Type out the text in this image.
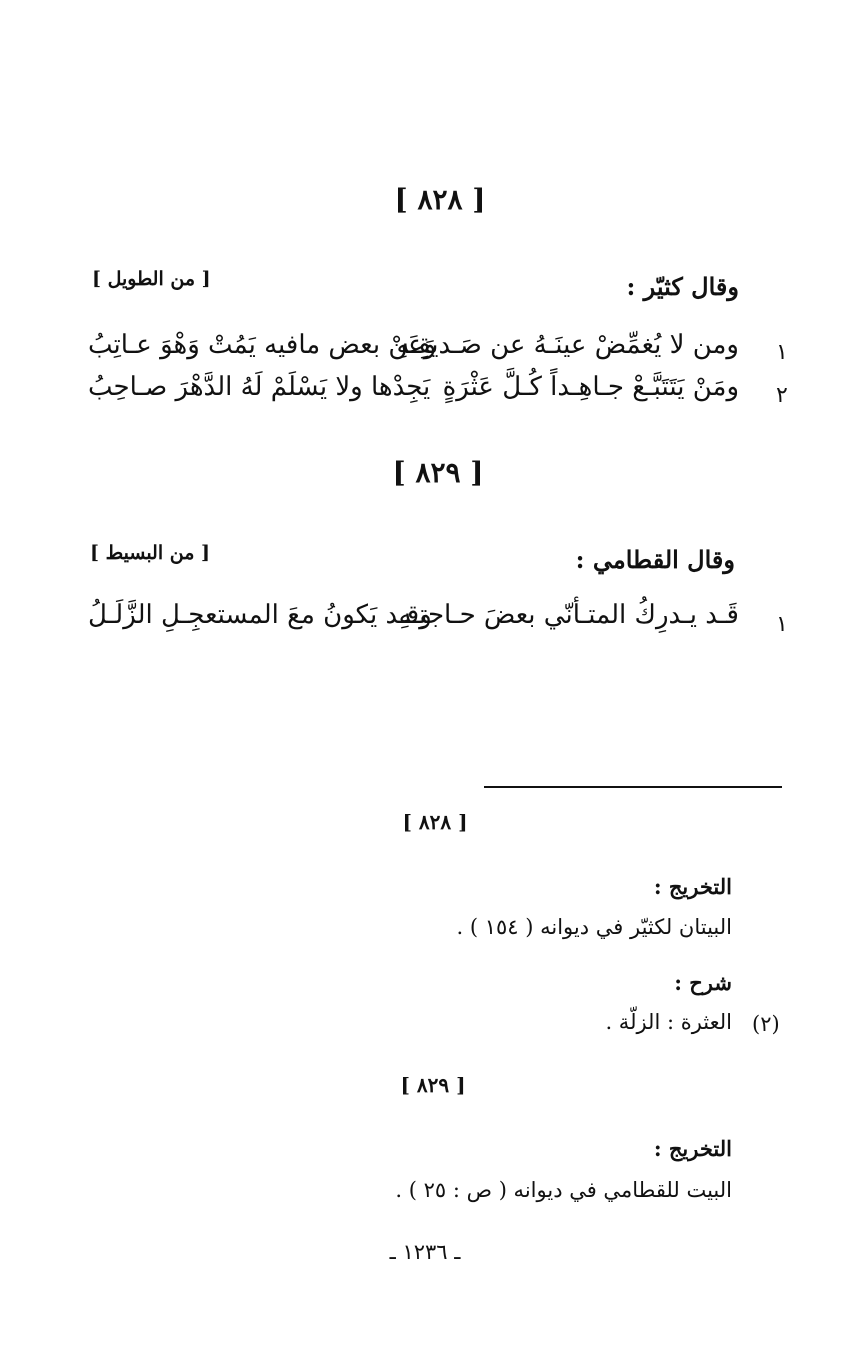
[ ٨٢٨ ]
وقال كثيّر :
[ من الطويل ]
١
ومن لا يُغمِّضْ عينَـهُ عن صَـديقِـهِ
وَعَنْ بعض مافيه يَمُتْ وَهْوَ عـاتِبُ
٢
ومَنْ يَتَتَبَّـعْ جـاهِـداً كُـلَّ عَثْرَةٍ
يَجِدْها ولا يَسْلَمْ لَهُ الدَّهْرَ صـاحِبُ
[ ٨٢٩ ]
وقال القطامي :
[ من البسيط ]
١
قَـد يـدرِكُ المتـأنّي بعضَ حـاجتِـهِ
وقـد يَكونُ معَ المستعجِـلِ الزَّلَـلُ
[ ٨٢٨ ]
التخريج :
البيتان لكثيّر في ديوانه ( ١٥٤ ) .
شرح :
(٢)
العثرة : الزلّة .
[ ٨٢٩ ]
التخريج :
البيت للقطامي في ديوانه ( ص : ٢٥ ) .
ـ ١٢٣٦ ـ
